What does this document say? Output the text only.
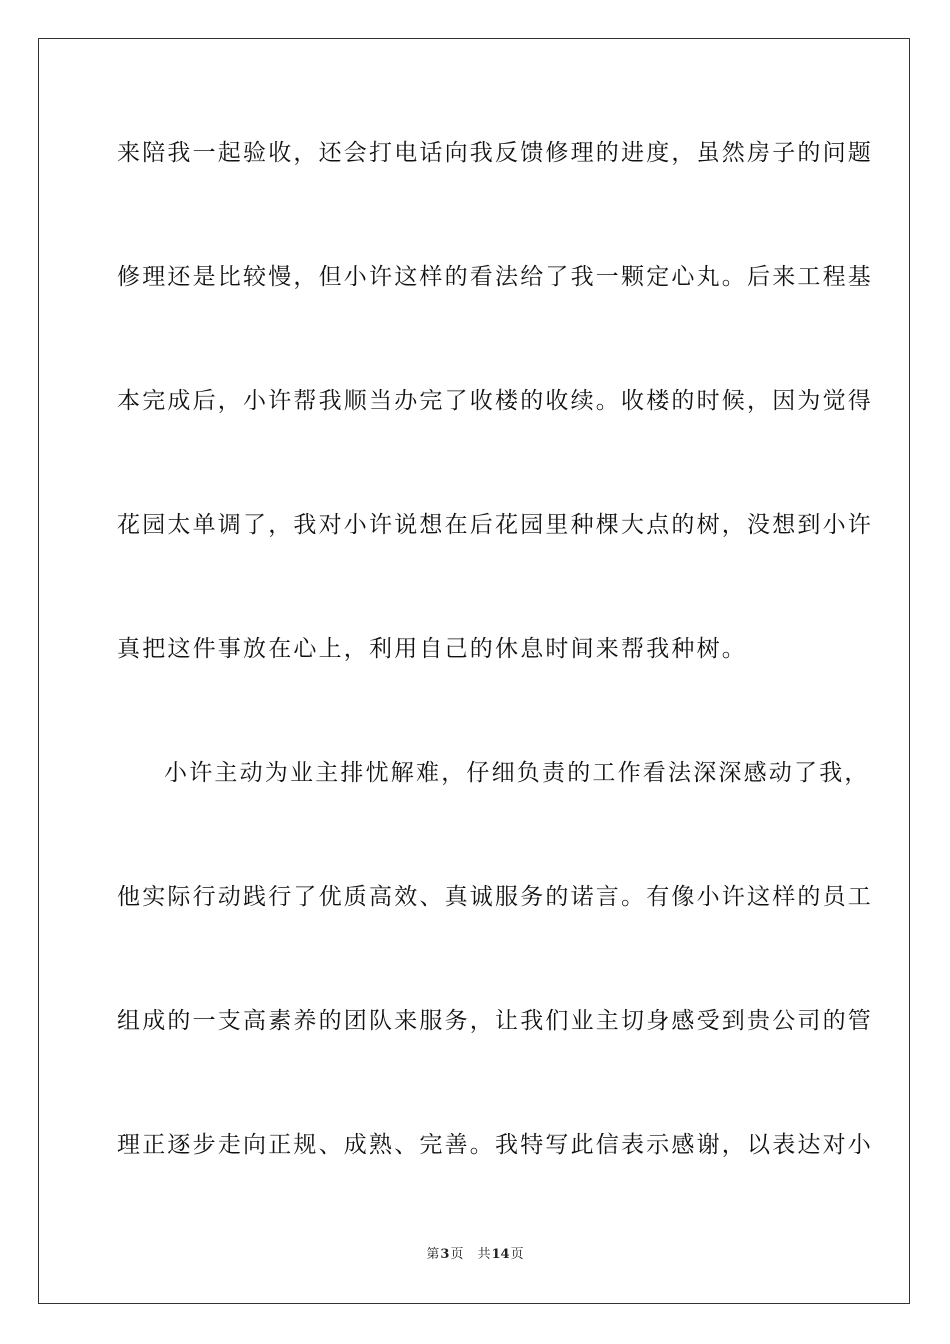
来陪我一起验收，还会打电话向我反馈修理的进度，虽然房子的问题
修理还是比较慢，但小许这样的看法给了我一颗定心丸。后来工程基
本完成后，小许帮我顺当办完了收楼的收续。收楼的时候，因为觉得
花园太单调了，我对小许说想在后花园里种棵大点的树，没想到小许
真把这件事放在心上，利用自己的休息时间来帮我种树。
小许主动为业主排忧解难，仔细负责的工作看法深深感动了我，
他实际行动践行了优质高效、真诚服务的诺言。有像小许这样的员工
组成的一支高素养的团队来服务，让我们业主切身感受到贵公司的管
理正逐步走向正规、成熟、完善。我特写此信表示感谢，以表达对小
第3页 共14页
